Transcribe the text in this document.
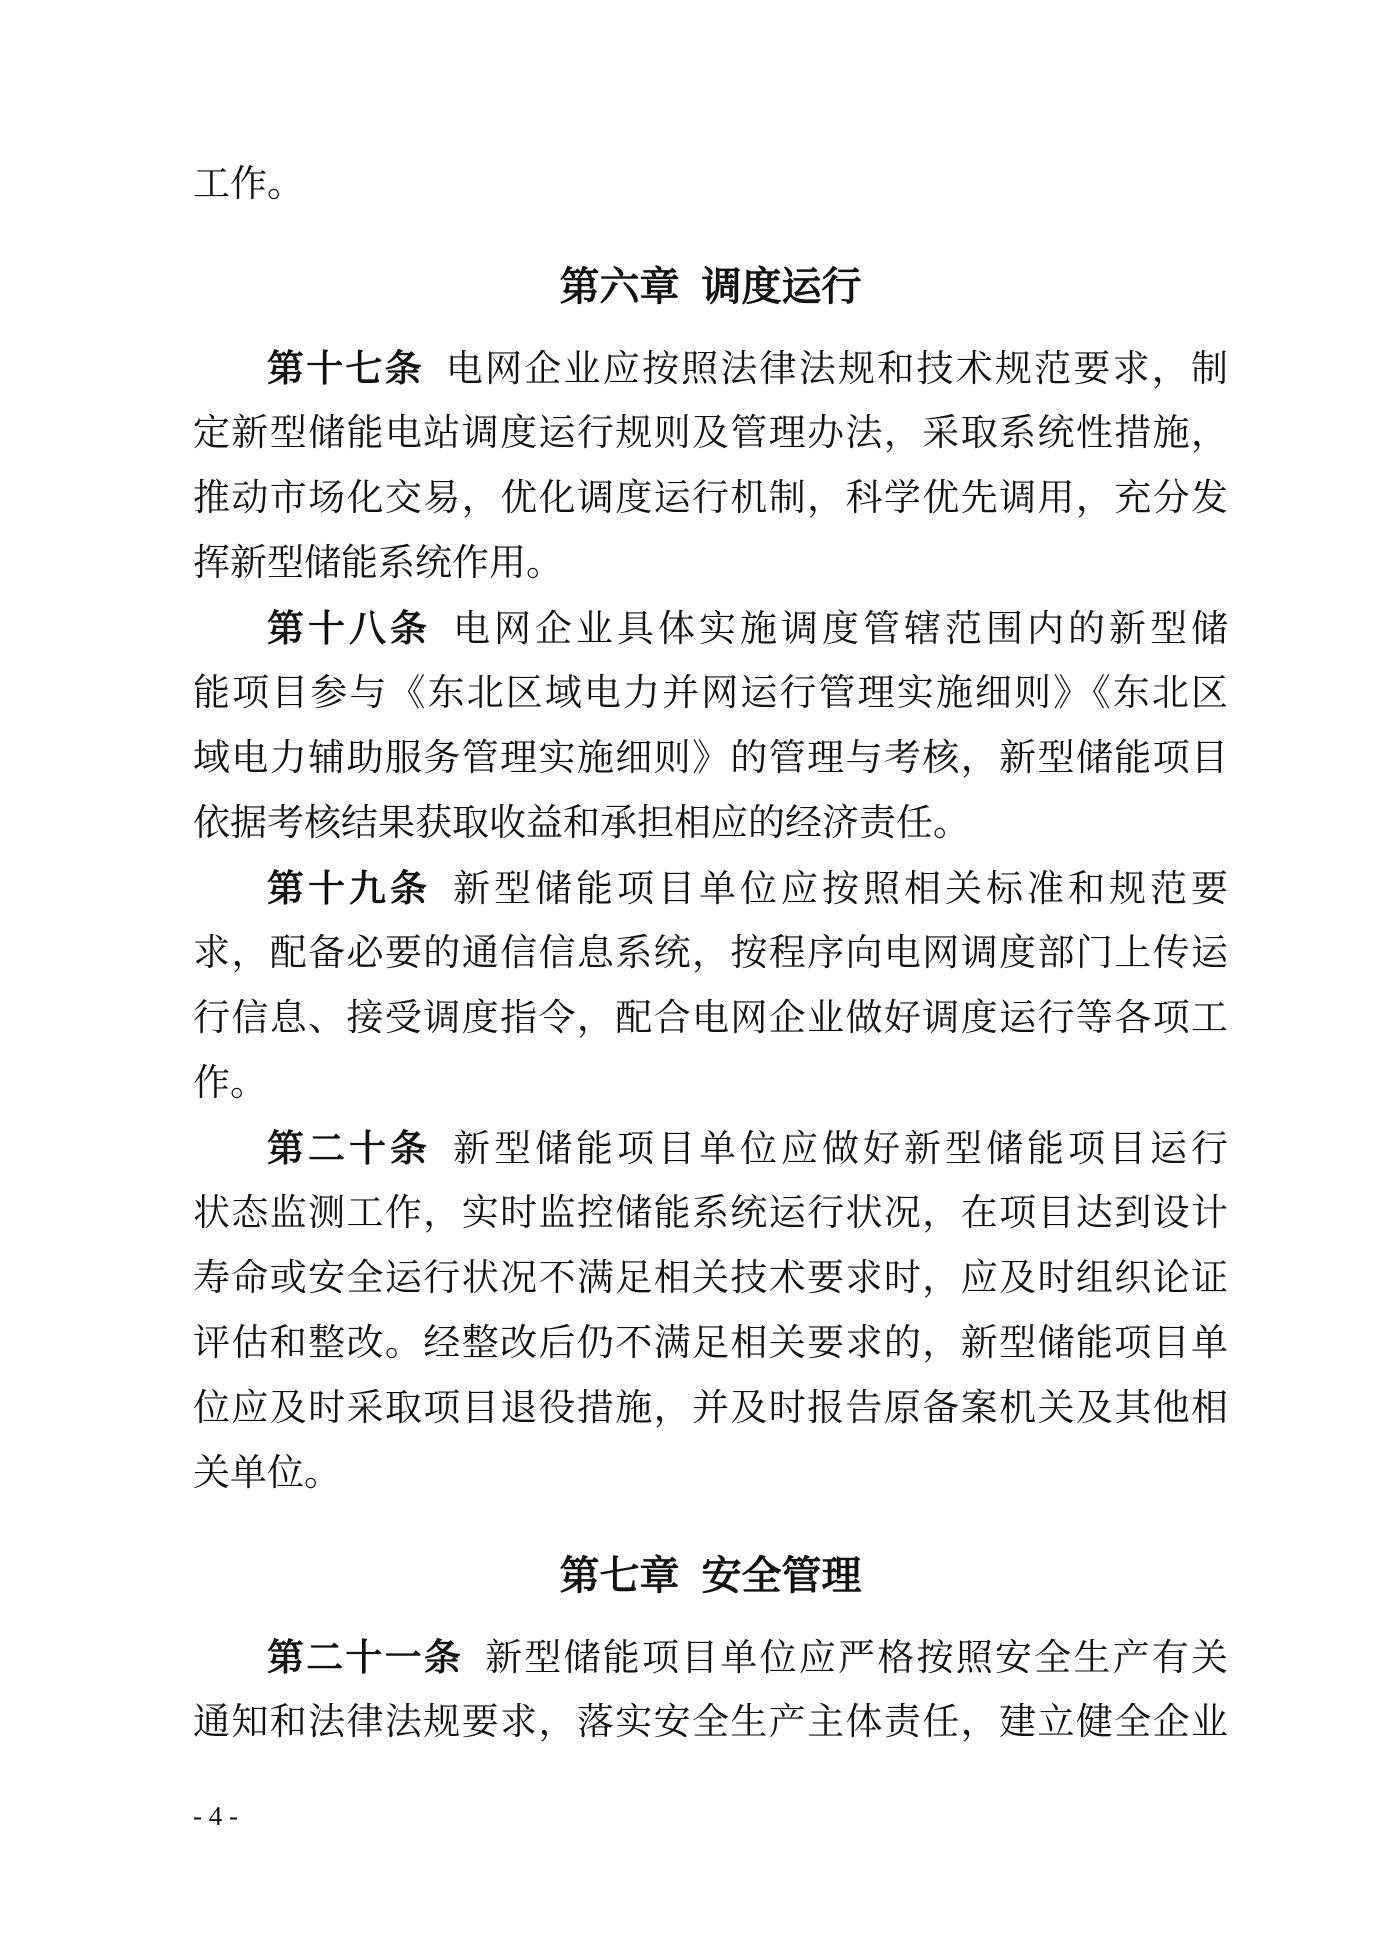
工作。
第六章 调度运行
第十七条 电网企业应按照法律法规和技术规范要求，制
定新型储能电站调度运行规则及管理办法，采取系统性措施，
推动市场化交易，优化调度运行机制，科学优先调用，充分发
挥新型储能系统作用。
第十八条 电网企业具体实施调度管辖范围内的新型储
能项目参与《东北区域电力并网运行管理实施细则》《东北区
域电力辅助服务管理实施细则》的管理与考核，新型储能项目
依据考核结果获取收益和承担相应的经济责任。
第十九条 新型储能项目单位应按照相关标准和规范要
求，配备必要的通信信息系统，按程序向电网调度部门上传运
行信息、接受调度指令，配合电网企业做好调度运行等各项工
作。
第二十条 新型储能项目单位应做好新型储能项目运行
状态监测工作，实时监控储能系统运行状况，在项目达到设计
寿命或安全运行状况不满足相关技术要求时，应及时组织论证
评估和整改。经整改后仍不满足相关要求的，新型储能项目单
位应及时采取项目退役措施，并及时报告原备案机关及其他相
关单位。
第七章 安全管理
第二十一条 新型储能项目单位应严格按照安全生产有关
通知和法律法规要求，落实安全生产主体责任，建立健全企业
- 4 -
